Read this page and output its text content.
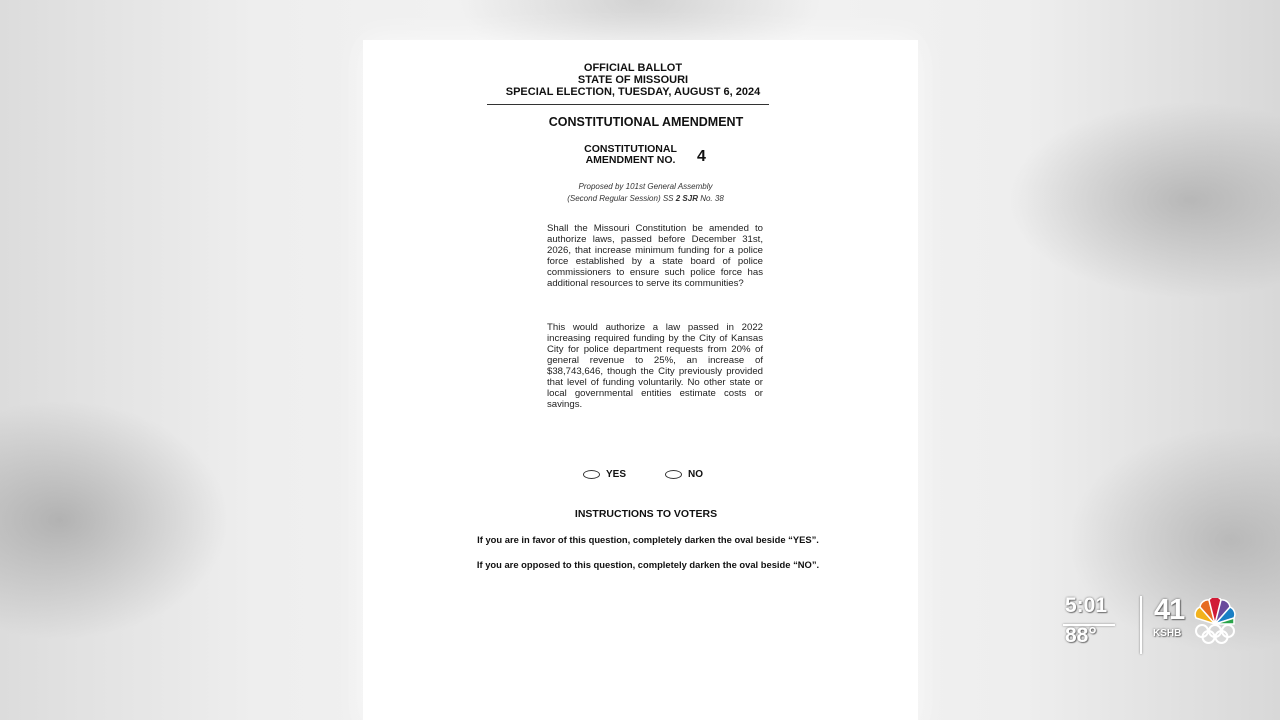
OFFICIAL BALLOT
STATE OF MISSOURI
SPECIAL ELECTION, TUESDAY, AUGUST 6, 2024
CONSTITUTIONAL AMENDMENT
CONSTITUTIONAL
AMENDMENT NO.	4
Proposed by 101st General Assembly
(Second Regular Session) SS 2 SJR No. 38
Shall the Missouri Constitution be amended to authorize laws, passed before December 31st, 2026, that increase minimum funding for a police force established by a state board of police commissioners to ensure such police force has additional resources to serve its communities?
This would authorize a law passed in 2022 increasing required funding by the City of Kansas City for police department requests from 20% of general revenue to 25%, an increase of $38,743,646, though the City previously provided that level of funding voluntarily. No other state or local governmental entities estimate costs or savings.
YES	NO
INSTRUCTIONS TO VOTERS
If you are in favor of this question, completely darken the oval beside “YES”.
If you are opposed to this question, completely darken the oval beside “NO”.
5:01
88°
41
KSHB
